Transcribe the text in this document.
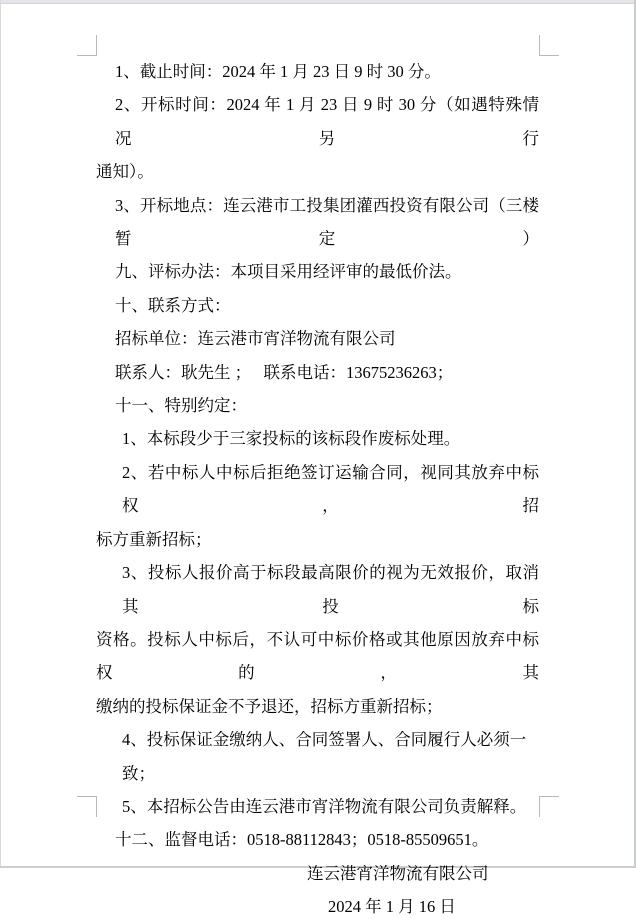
1、截止时间：2024 年 1 月 23 日 9 时 30 分。
2、开标时间：2024 年 1 月 23 日 9 时 30 分（如遇特殊情况另行
通知）。
3、开标地点：连云港市工投集团灌西投资有限公司（三楼暂定）
九、评标办法：本项目采用经评审的最低价法。
十、联系方式：
招标单位：连云港市宵洋物流有限公司
联系人：耿先生 ；　 联系电话：13675236263；
十一、特别约定：
1、本标段少于三家投标的该标段作废标处理。
2、若中标人中标后拒绝签订运输合同，视同其放弃中标权，招
标方重新招标；
3、投标人报价高于标段最高限价的视为无效报价，取消其投标
资格。投标人中标后，不认可中标价格或其他原因放弃中标权的，其
缴纳的投标保证金不予退还，招标方重新招标；
4、投标保证金缴纳人、合同签署人、合同履行人必须一致；
5、本招标公告由连云港市宵洋物流有限公司负责解释。
十二、监督电话：0518-88112843；0518-85509651。
连云港宵洋物流有限公司
2024 年 1 月 16 日
